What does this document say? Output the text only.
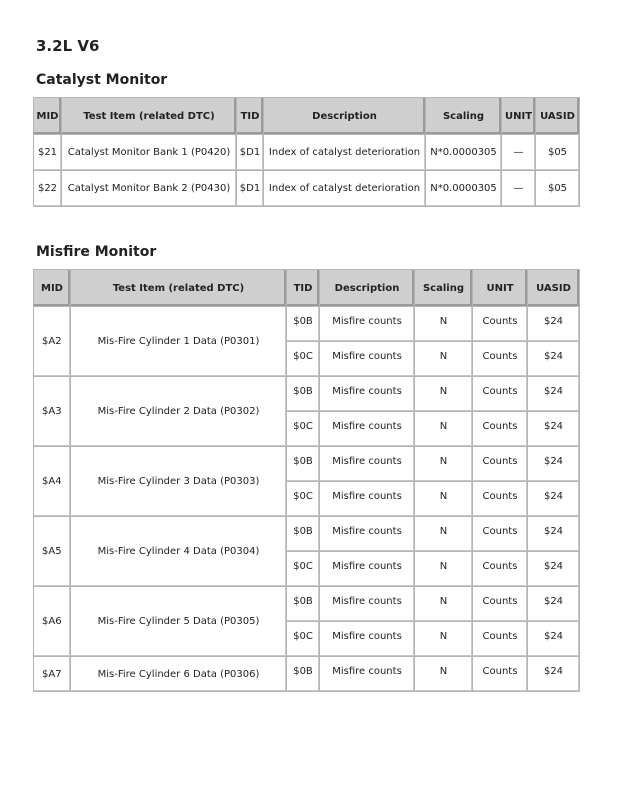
3.2L V6
Catalyst Monitor
MID	Test Item (related DTC)	TID	Description	Scaling	UNIT	UASID
$21	Catalyst Monitor Bank 1 (P0420)	$D1	Index of catalyst deterioration	N*0.0000305	—	$05
$22	Catalyst Monitor Bank 2 (P0430)	$D1	Index of catalyst deterioration	N*0.0000305	—	$05
Misfire Monitor
MID	Test Item (related DTC)	TID	Description	Scaling	UNIT	UASID
$A2	Mis-Fire Cylinder 1 Data (P0301)	$0B	Misfire counts	N	Counts	$24
		$0C	Misfire counts	N	Counts	$24
$A3	Mis-Fire Cylinder 2 Data (P0302)	$0B	Misfire counts	N	Counts	$24
		$0C	Misfire counts	N	Counts	$24
$A4	Mis-Fire Cylinder 3 Data (P0303)	$0B	Misfire counts	N	Counts	$24
		$0C	Misfire counts	N	Counts	$24
$A5	Mis-Fire Cylinder 4 Data (P0304)	$0B	Misfire counts	N	Counts	$24
		$0C	Misfire counts	N	Counts	$24
$A6	Mis-Fire Cylinder 5 Data (P0305)	$0B	Misfire counts	N	Counts	$24
		$0C	Misfire counts	N	Counts	$24
$A7	Mis-Fire Cylinder 6 Data (P0306)	$0B	Misfire counts	N	Counts	$24
